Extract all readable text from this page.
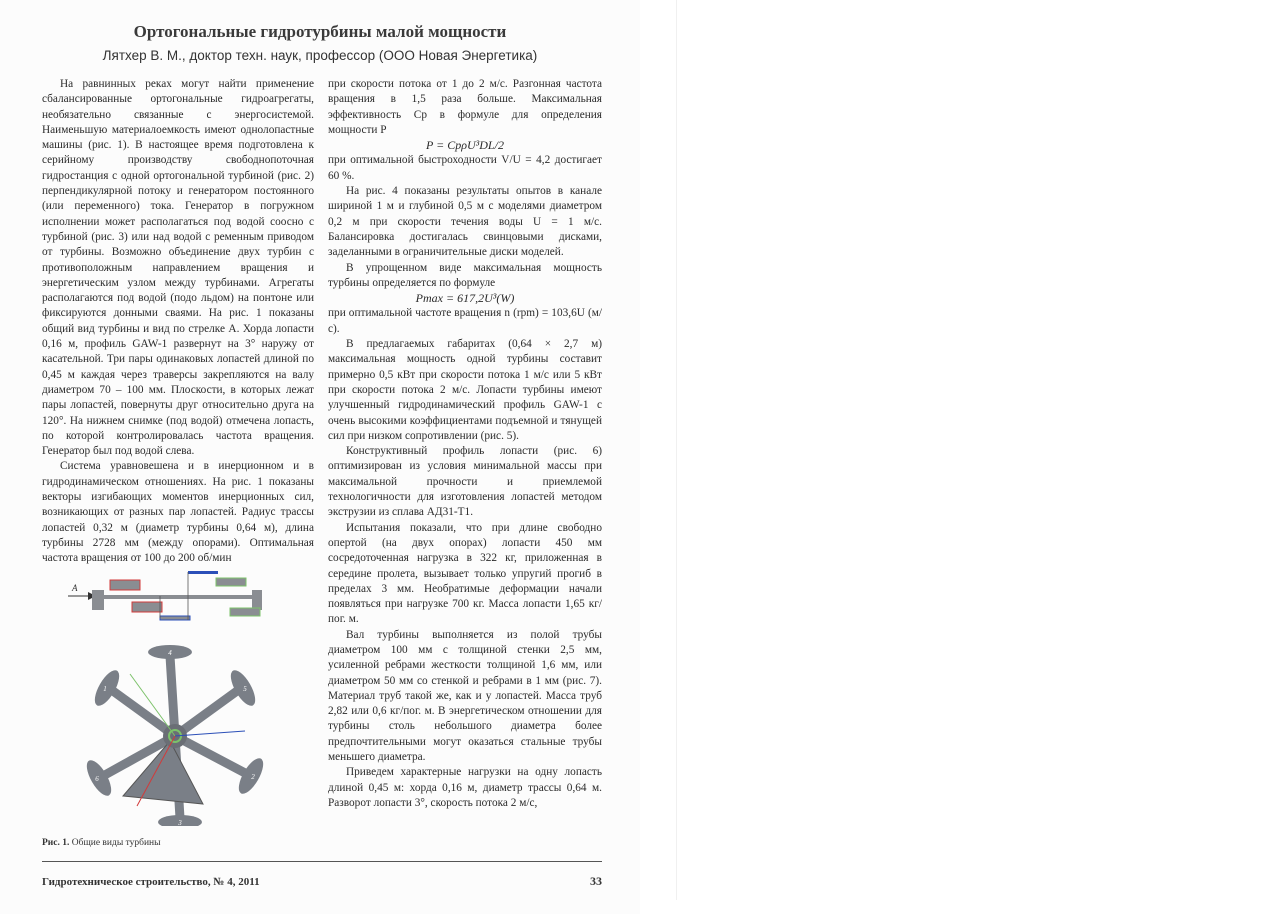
Ортогональные гидротурбины малой мощности
Лятхер В. М., доктор техн. наук, профессор (ООО Новая Энергетика)

На равнинных реках могут найти применение сбалансированные ортогональные гидроагрегаты, необязательно связанные с энергосистемой. Наименьшую материалоемкость имеют однолопастные машины (рис. 1). В настоящее время подготовлена к серийному производству свободнопоточная гидростанция с одной ортогональной турбиной (рис. 2) перпендикулярной потоку и генератором постоянного (или переменного) тока. Генератор в погружном исполнении может располагаться под водой соосно с турбиной (рис. 3) или над водой с ременным приводом от турбины. Возможно объединение двух турбин с противоположным направлением вращения и энергетическим узлом между турбинами. Агрегаты располагаются под водой (подо льдом) на понтоне или фиксируются донными сваями. На рис. 1 показаны общий вид турбины и вид по стрелке А. Хорда лопасти 0,16 м, профиль GAW-1 развернут на 3° наружу от касательной. Три пары одинаковых лопастей длиной по 0,45 м каждая через траверсы закрепляются на валу диаметром 70 – 100 мм. Плоскости, в которых лежат пары лопастей, повернуты друг относительно друга на 120°. На нижнем снимке (под водой) отмечена лопасть, по которой контролировалась частота вращения. Генератор был под водой слева.

Система уравновешена и в инерционном и в гидродинамическом отношениях. На рис. 1 показаны векторы изгибающих моментов инерционных сил, возникающих от разных пар лопастей. Радиус трассы лопастей 0,32 м (диаметр турбины 0,64 м), длина турбины 2728 мм (между опорами). Оптимальная частота вращения от 100 до 200 об/мин

при скорости потока от 1 до 2 м/с. Разгонная частота вращения в 1,5 раза больше. Максимальная эффективность Cp в формуле для определения мощности P

P = CpρU³DL/2

при оптимальной быстроходности V/U = 4,2 достигает 60 %.

На рис. 4 показаны результаты опытов в канале шириной 1 м и глубиной 0,5 м с моделями диаметром 0,2 м при скорости течения воды U = 1 м/с. Балансировка достигалась свинцовыми дисками, заделанными в ограничительные диски моделей.

В упрощенном виде максимальная мощность турбины определяется по формуле

Pmax = 617,2U³(W)

при оптимальной частоте вращения n (rpm) = 103,6U (м/с).

В предлагаемых габаритах (0,64 × 2,7 м) максимальная мощность одной турбины составит примерно 0,5 кВт при скорости потока 1 м/с или 5 кВт при скорости потока 2 м/с. Лопасти турбины имеют улучшенный гидродинамический профиль GAW-1 с очень высокими коэффициентами подъемной и тянущей сил при низком сопротивлении (рис. 5).

Конструктивный профиль лопасти (рис. 6) оптимизирован из условия минимальной массы при максимальной прочности и приемлемой технологичности для изготовления лопастей методом экструзии из сплава АД31-Т1.

Испытания показали, что при длине свободно опертой (на двух опорах) лопасти 450 мм сосредоточенная нагрузка в 322 кг, приложенная в середине пролета, вызывает только упругий прогиб в пределах 3 мм. Необратимые деформации начали появляться при нагрузке 700 кг. Масса лопасти 1,65 кг/пог. м.

Вал турбины выполняется из полой трубы диаметром 100 мм с толщиной стенки 2,5 мм, усиленной ребрами жесткости толщиной 1,6 мм, или диаметром 50 мм со стенкой и ребрами в 1 мм (рис. 7). Материал труб такой же, как и у лопастей. Масса труб 2,82 или 0,6 кг/пог. м. В энергетическом отношении для турбины столь небольшого диаметра более предпочтительными могут оказаться стальные трубы меньшего диаметра.

Приведем характерные нагрузки на одну лопасть длиной 0,45 м: хорда 0,16 м, диаметр трассы 0,64 м. Разворот лопасти 3°, скорость потока 2 м/с,

A
1
2
3
4
5
6
Рис. 1. Общие виды турбины
Гидротехническое строительство, № 4, 2011	33
